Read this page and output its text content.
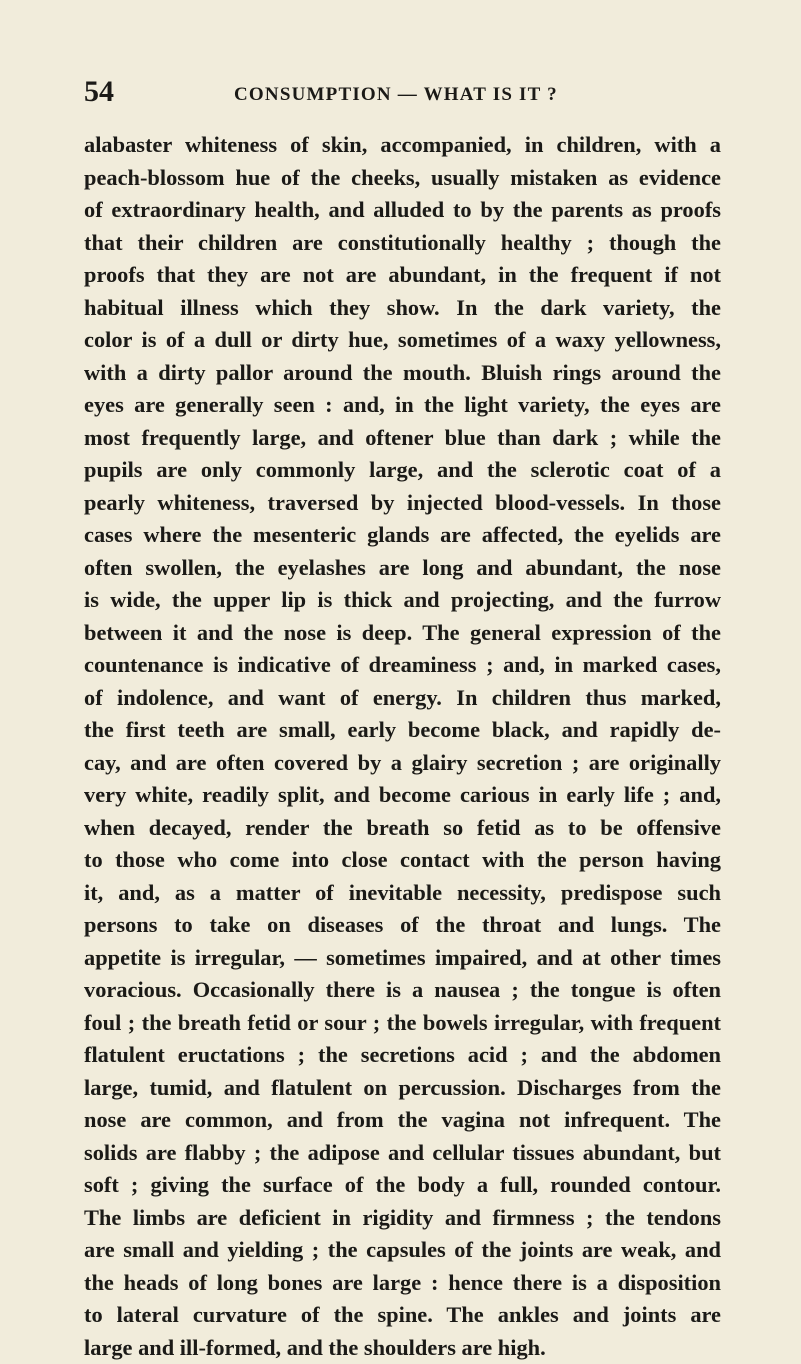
54	CONSUMPTION — WHAT IS IT ?
alabaster whiteness of skin, accompanied, in children, with a
peach-blossom hue of the cheeks, usually mistaken as evidence
of extraordinary health, and alluded to by the parents as proofs
that their children are constitutionally healthy ; though the
proofs that they are not are abundant, in the frequent if not
habitual illness which they show. In the dark variety, the
color is of a dull or dirty hue, sometimes of a waxy yellowness,
with a dirty pallor around the mouth. Bluish rings around the
eyes are generally seen : and, in the light variety, the eyes are
most frequently large, and oftener blue than dark ; while the
pupils are only commonly large, and the sclerotic coat of a
pearly whiteness, traversed by injected blood-vessels. In those
cases where the mesenteric glands are affected, the eyelids are
often swollen, the eyelashes are long and abundant, the nose
is wide, the upper lip is thick and projecting, and the furrow
between it and the nose is deep. The general expression of the
countenance is indicative of dreaminess ; and, in marked cases,
of indolence, and want of energy. In children thus marked,
the first teeth are small, early become black, and rapidly de-
cay, and are often covered by a glairy secretion ; are originally
very white, readily split, and become carious in early life ; and,
when decayed, render the breath so fetid as to be offensive
to those who come into close contact with the person having
it, and, as a matter of inevitable necessity, predispose such
persons to take on diseases of the throat and lungs. The
appetite is irregular, — sometimes impaired, and at other times
voracious. Occasionally there is a nausea ; the tongue is often
foul ; the breath fetid or sour ; the bowels irregular, with frequent
flatulent eructations ; the secretions acid ; and the abdomen
large, tumid, and flatulent on percussion. Discharges from the
nose are common, and from the vagina not infrequent. The
solids are flabby ; the adipose and cellular tissues abundant, but
soft ; giving the surface of the body a full, rounded contour.
The limbs are deficient in rigidity and firmness ; the tendons
are small and yielding ; the capsules of the joints are weak, and
the heads of long bones are large : hence there is a disposition
to lateral curvature of the spine. The ankles and joints are
large and ill-formed, and the shoulders are high.
